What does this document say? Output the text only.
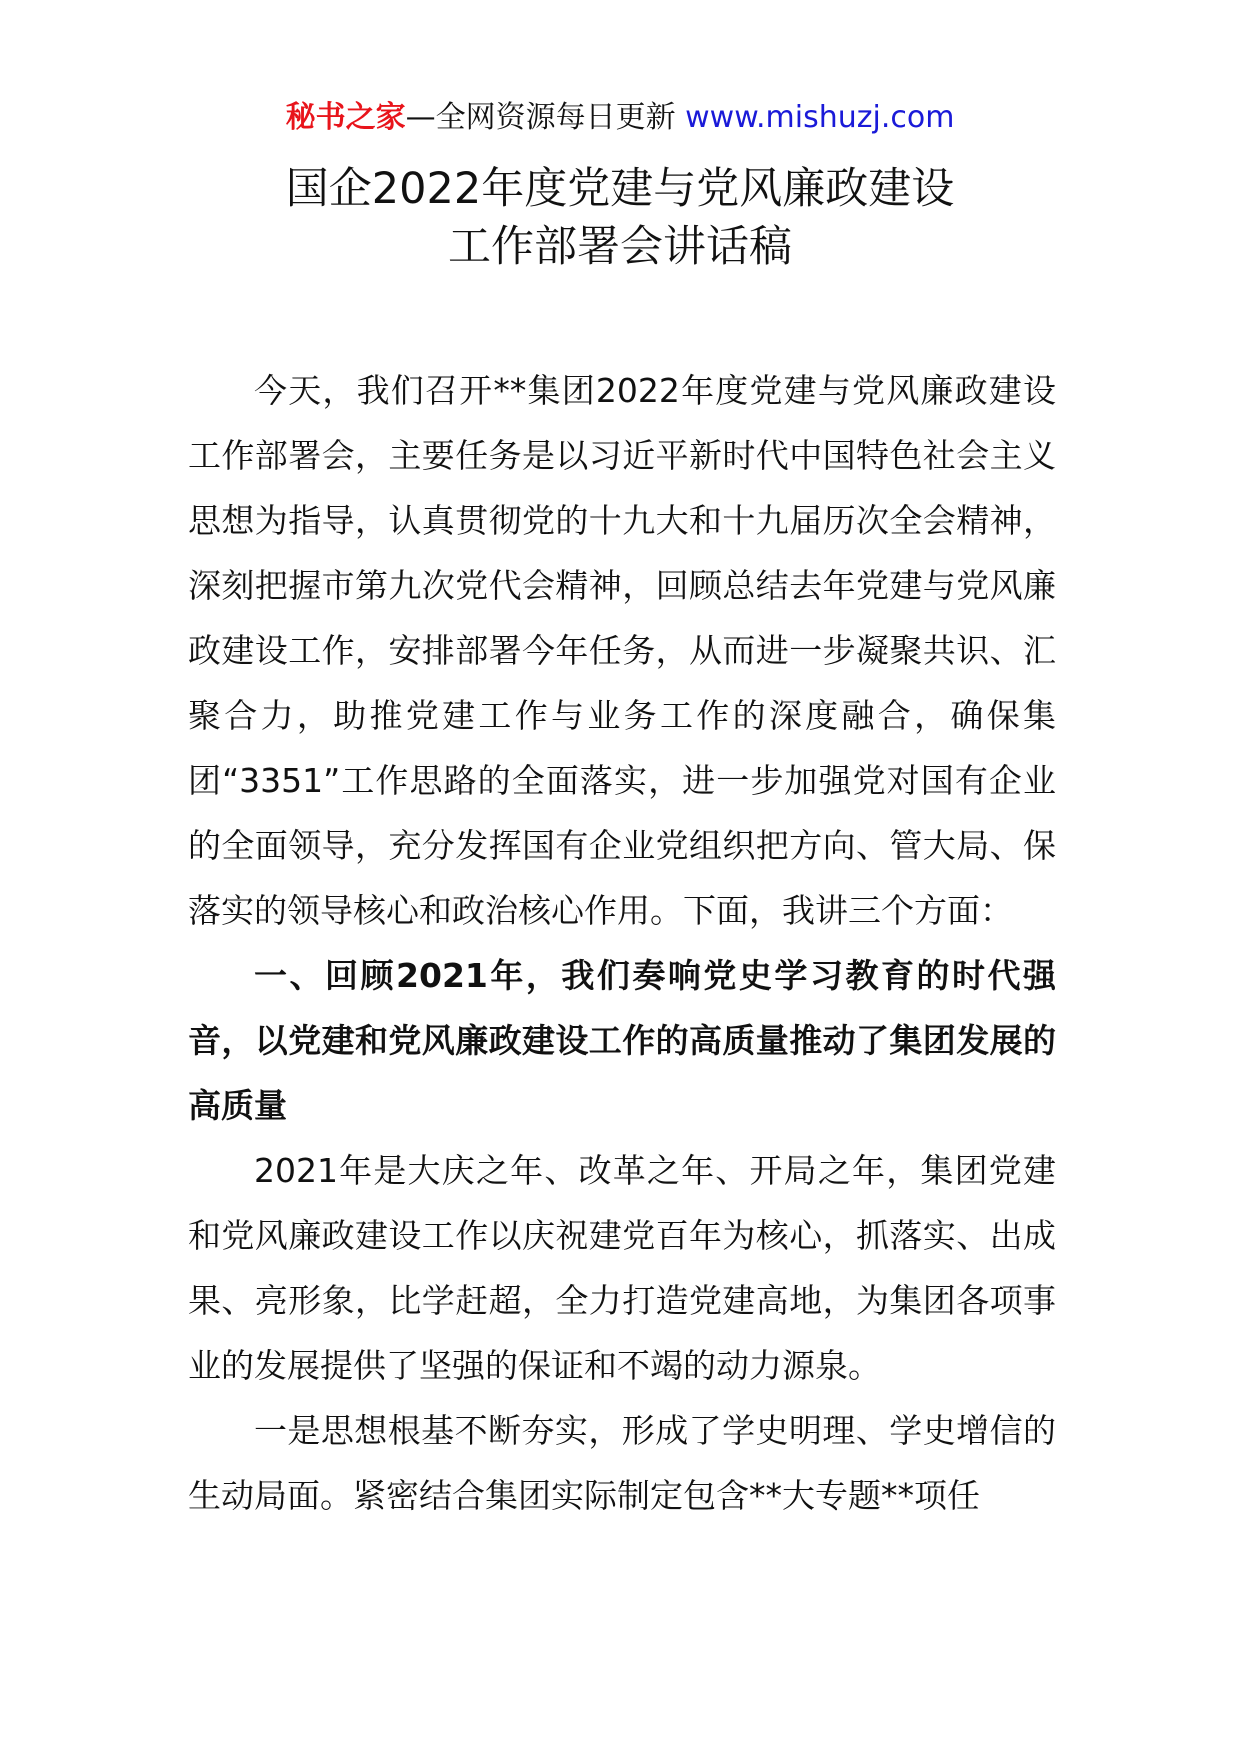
秘书之家—全网资源每日更新 www.mishuzj.com
国企2022年度党建与党风廉政建设
工作部署会讲话稿

今天，我们召开**集团2022年度党建与党风廉政建设工作部署会，主要任务是以习近平新时代中国特色社会主义思想为指导，认真贯彻党的十九大和十九届历次全会精神，深刻把握市第九次党代会精神，回顾总结去年党建与党风廉政建设工作，安排部署今年任务，从而进一步凝聚共识、汇聚合力，助推党建工作与业务工作的深度融合，确保集团“3351”工作思路的全面落实，进一步加强党对国有企业的全面领导，充分发挥国有企业党组织把方向、管大局、保落实的领导核心和政治核心作用。下面，我讲三个方面：

一、回顾2021年，我们奏响党史学习教育的时代强音，以党建和党风廉政建设工作的高质量推动了集团发展的高质量

2021年是大庆之年、改革之年、开局之年，集团党建和党风廉政建设工作以庆祝建党百年为核心，抓落实、出成果、亮形象，比学赶超，全力打造党建高地，为集团各项事业的发展提供了坚强的保证和不竭的动力源泉。

一是思想根基不断夯实，形成了学史明理、学史增信的生动局面。紧密结合集团实际制定包含**大专题**项任
